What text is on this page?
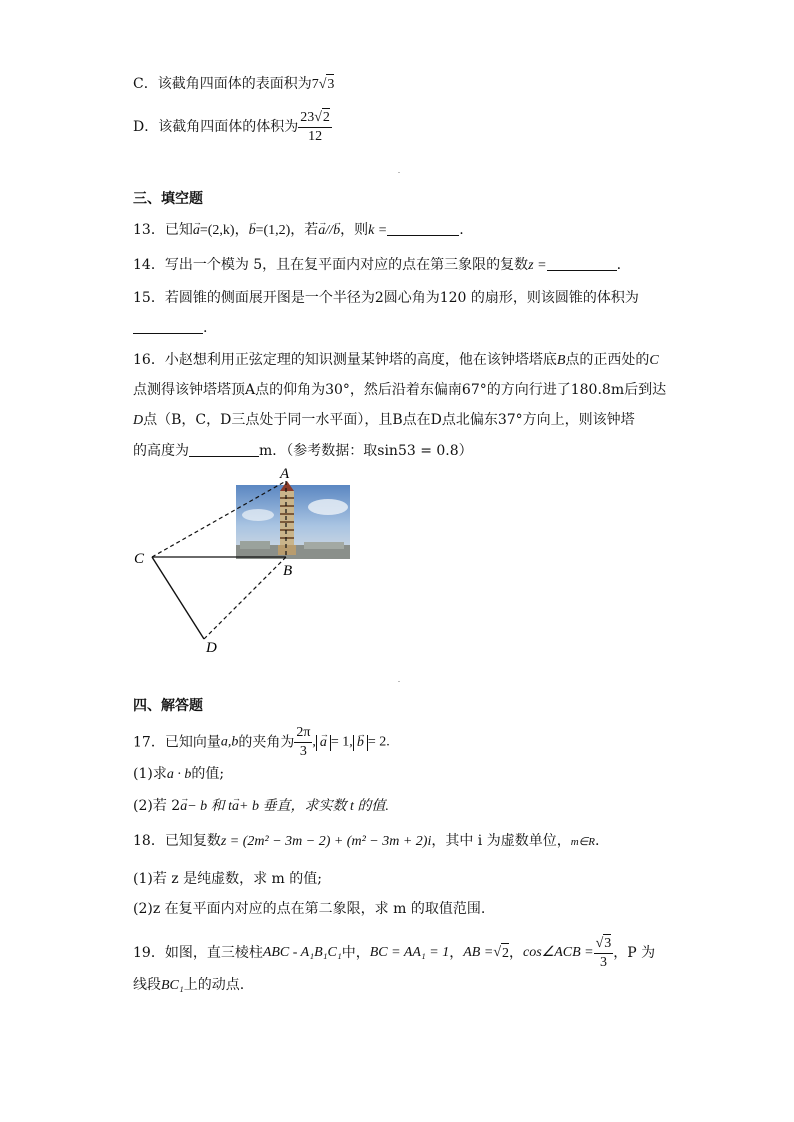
C．该截角四面体的表面积为7√3
D．该截角四面体的体积为 $\frac{23√2}{12}$
三、填空题
13．已知→ a=(2,k)，→ b=(1,2)，若→ a//→ b，则k =	.
14．写出一个模为 5，且在复平面内对应的点在第三象限的复数z =	.
15．若圆锥的侧面展开图是一个半径为2圆心角为120 的扇形，则该圆锥的体积为
.
16．小赵想利用正弦定理的知识测量某钟塔的高度，他在该钟塔塔底B点的正西处的C
点测得该钟塔塔顶A点的仰角为30°，然后沿着东偏南67°的方向行进了180.8m后到达
D点（B，C，D三点处于同一水平面），且B点在D点北偏东37°方向上，则该钟塔
的高度为	m．（参考数据：取sin53 = 0.8）
A
B
C
D
四、解答题
17．已知向量a,b的夹角为 $\frac{2\pi}{3}$ , → a = 1, → b = 2.
(1)求a · b的值;
(2)若 2→ a− b 和 t→ a+ b 垂直，求实数 t 的值.
18．已知复数z = (2m² − 3m − 2) + (m² − 3m + 2)i，其中 i 为虚数单位，m∈R.
(1)若 z 是纯虚数，求 m 的值;
(2)z 在复平面内对应的点在第二象限，求 m 的取值范围.
19．如图，直三棱柱ABC - A₁B₁C₁中，BC = AA₁ = 1，AB =√2，cos∠ACB = $\frac{√3}{3}$ ，P 为
线段BC₁上的动点.
